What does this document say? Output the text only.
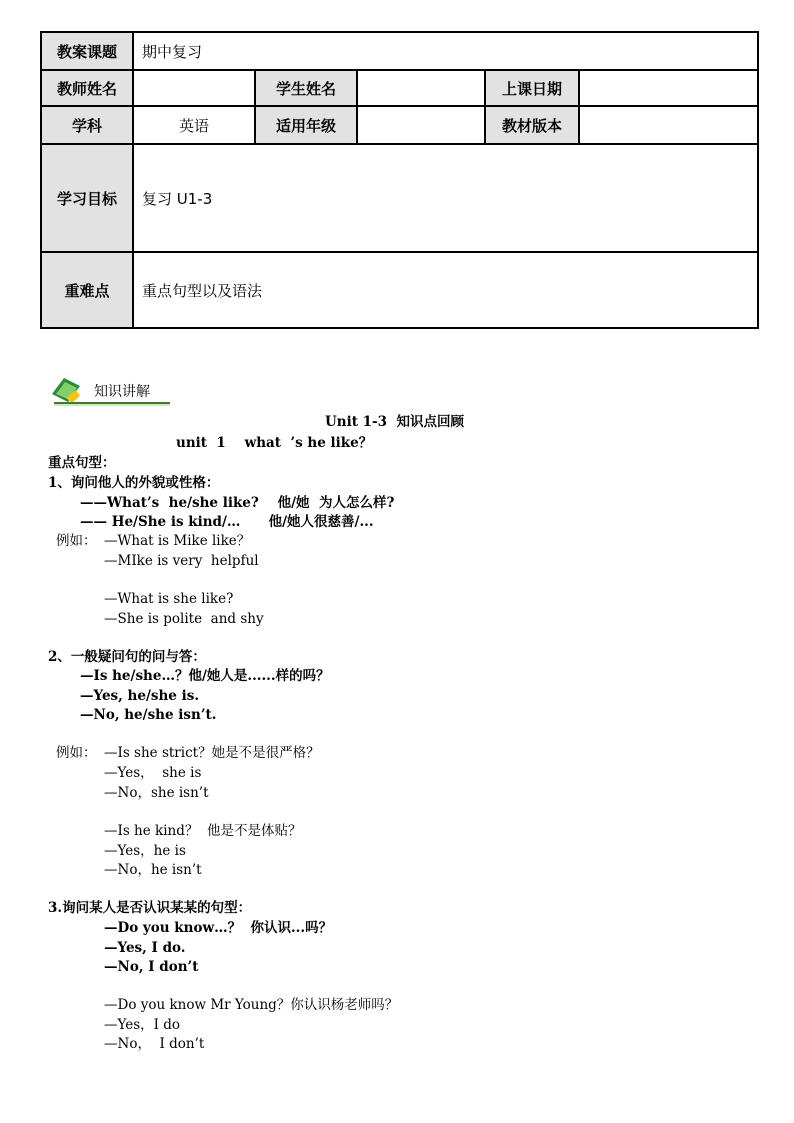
教案课题	期中复习				
教师姓名		学生姓名		上课日期	
学科	英语	适用年级		教材版本	
学习目标	复习 U1-3				
重难点	重点句型以及语法				
知识讲解
Unit 1-3  知识点回顾
unit  1    what  ’s he like？
重点句型：
1、询问他人的外貌或性格：
——What’s  he/she like?    他/她  为人怎么样?
—— He/She is kind/…      他/她人很慈善/...
例如： —What is Mike like？
—MIke is very  helpful
—What is she like?
—She is polite  and shy
2、一般疑问句的问与答：
—Is he/she…？他/她人是......样的吗？
—Yes, he/she is.
—No, he/she isn’t.
例如： —Is she strict？她是不是很严格？
—Yes，  she is
—No，she isn’t
—Is he kind？  他是不是体贴？
—Yes，he is
—No，he isn’t
3.询问某人是否认识某某的句型：
—Do you know…？  你认识...吗？
—Yes, I do.
—No, I don’t
—Do you know Mr Young？你认识杨老师吗？
—Yes，I do
—No，  I don’t
